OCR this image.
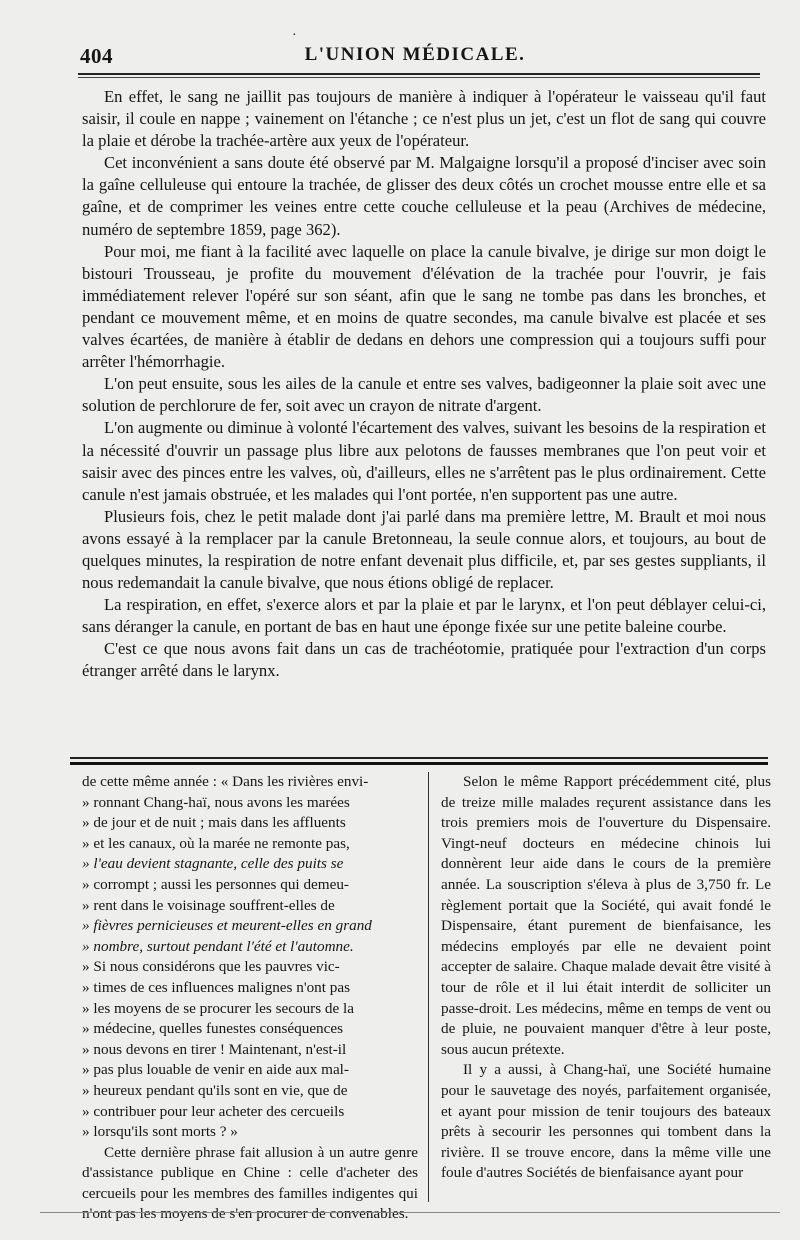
·
404	L'UNION MÉDICALE.

En effet, le sang ne jaillit pas toujours de manière à indiquer à l'opérateur le vaisseau qu'il faut saisir, il coule en nappe ; vainement on l'étanche ; ce n'est plus un jet, c'est un flot de sang qui couvre la plaie et dérobe la trachée-artère aux yeux de l'opérateur.

Cet inconvénient a sans doute été observé par M. Malgaigne lorsqu'il a proposé d'inciser avec soin la gaîne celluleuse qui entoure la trachée, de glisser des deux côtés un crochet mousse entre elle et sa gaîne, et de comprimer les veines entre cette couche celluleuse et la peau (Archives de médecine, numéro de septembre 1859, page 362).

Pour moi, me fiant à la facilité avec laquelle on place la canule bivalve, je dirige sur mon doigt le bistouri Trousseau, je profite du mouvement d'élévation de la trachée pour l'ouvrir, je fais immédiatement relever l'opéré sur son séant, afin que le sang ne tombe pas dans les bronches, et pendant ce mouvement même, et en moins de quatre secondes, ma canule bivalve est placée et ses valves écartées, de manière à établir de dedans en dehors une compression qui a toujours suffi pour arrêter l'hémorrhagie.

L'on peut ensuite, sous les ailes de la canule et entre ses valves, badigeonner la plaie soit avec une solution de perchlorure de fer, soit avec un crayon de nitrate d'argent.

L'on augmente ou diminue à volonté l'écartement des valves, suivant les besoins de la respiration et la nécessité d'ouvrir un passage plus libre aux pelotons de fausses membranes que l'on peut voir et saisir avec des pinces entre les valves, où, d'ailleurs, elles ne s'arrêtent pas le plus ordinairement. Cette canule n'est jamais obstruée, et les malades qui l'ont portée, n'en supportent pas une autre.

Plusieurs fois, chez le petit malade dont j'ai parlé dans ma première lettre, M. Brault et moi nous avons essayé à la remplacer par la canule Bretonneau, la seule connue alors, et toujours, au bout de quelques minutes, la respiration de notre enfant devenait plus difficile, et, par ses gestes suppliants, il nous redemandait la canule bivalve, que nous étions obligé de replacer.

La respiration, en effet, s'exerce alors et par la plaie et par le larynx, et l'on peut déblayer celui-ci, sans déranger la canule, en portant de bas en haut une éponge fixée sur une petite baleine courbe.

C'est ce que nous avons fait dans un cas de trachéotomie, pratiquée pour l'extraction d'un corps étranger arrêté dans le larynx.

de cette même année : « Dans les rivières envi-

» ronnant Chang-haï, nous avons les marées

» de jour et de nuit ; mais dans les affluents

» et les canaux, où la marée ne remonte pas,

» l'eau devient stagnante, celle des puits se

» corrompt ; aussi les personnes qui demeu-

» rent dans le voisinage souffrent-elles de

» fièvres pernicieuses et meurent-elles en grand

» nombre, surtout pendant l'été et l'automne.

» Si nous considérons que les pauvres vic-

» times de ces influences malignes n'ont pas

» les moyens de se procurer les secours de la

» médecine, quelles funestes conséquences

» nous devons en tirer ! Maintenant, n'est-il

» pas plus louable de venir en aide aux mal-

» heureux pendant qu'ils sont en vie, que de

» contribuer pour leur acheter des cercueils

» lorsqu'ils sont morts ? »

Cette dernière phrase fait allusion à un autre genre d'assistance publique en Chine : celle d'acheter des cercueils pour les membres des familles indigentes qui n'ont pas les moyens de s'en procurer de convenables.

Selon le même Rapport précédemment cité, plus de treize mille malades reçurent assistance dans les trois premiers mois de l'ouverture du Dispensaire. Vingt-neuf docteurs en médecine chinois lui donnèrent leur aide dans le cours de la première année. La souscription s'éleva à plus de 3,750 fr. Le règlement portait que la Société, qui avait fondé le Dispensaire, étant purement de bienfaisance, les médecins employés par elle ne devaient point accepter de salaire. Chaque malade devait être visité à tour de rôle et il lui était interdit de solliciter un passe-droit. Les médecins, même en temps de vent ou de pluie, ne pouvaient manquer d'être à leur poste, sous aucun prétexte.

Il y a aussi, à Chang-haï, une Société humaine pour le sauvetage des noyés, parfaitement organisée, et ayant pour mission de tenir toujours des bateaux prêts à secourir les personnes qui tombent dans la rivière. Il se trouve encore, dans la même ville une foule d'autres Sociétés de bienfaisance ayant pour
